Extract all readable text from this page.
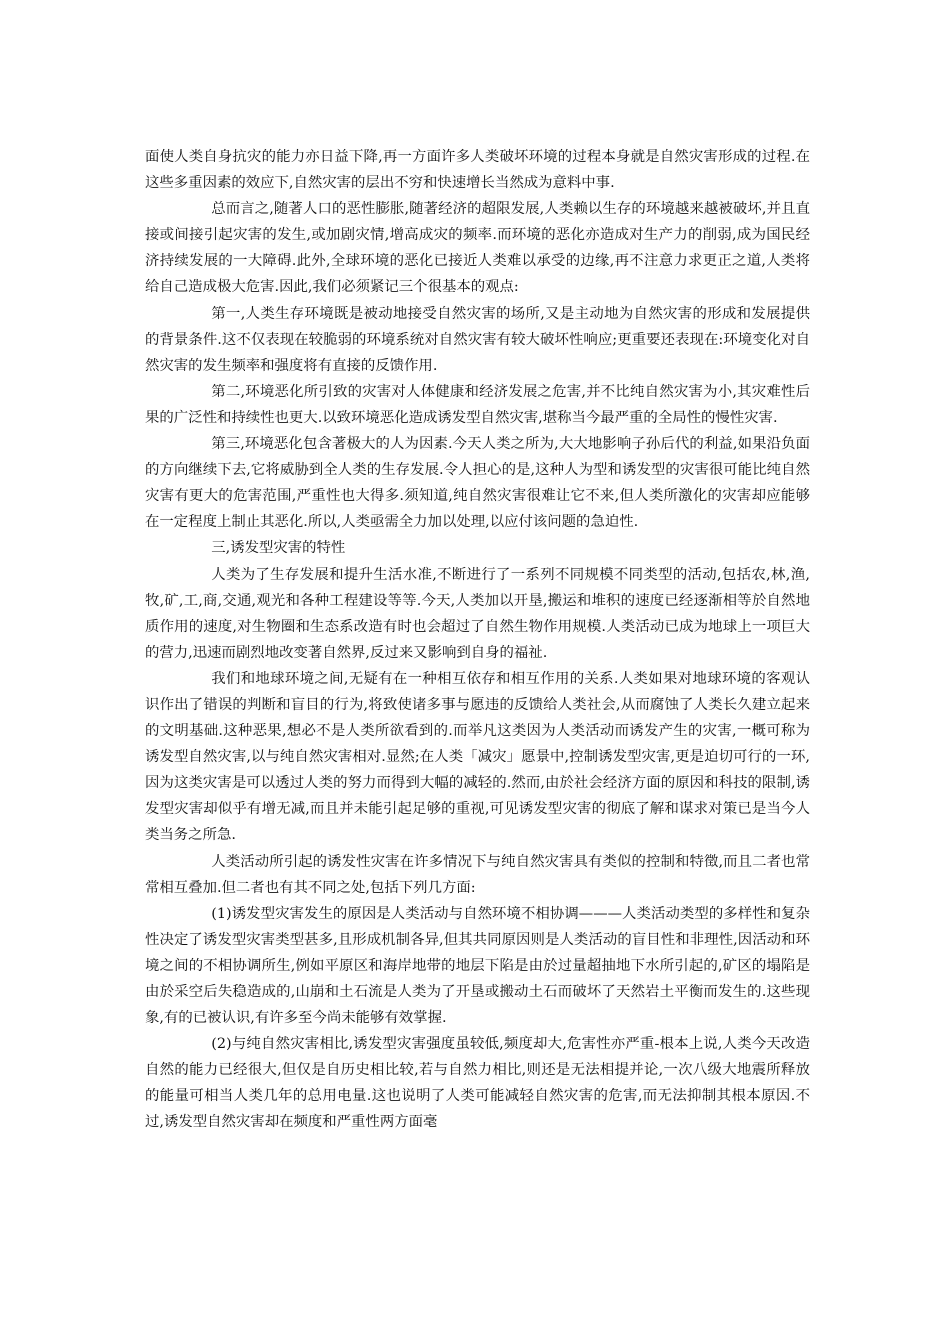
面使人类自身抗灾的能力亦日益下降,再一方面许多人类破坏环境的过程本身就是自然灾害形成的过程.在这些多重因素的效应下,自然灾害的层出不穷和快速增长当然成为意料中事.

总而言之,随著人口的恶性膨胀,随著经济的超限发展,人类赖以生存的环境越来越被破坏,并且直接或间接引起灾害的发生,或加剧灾情,增高成灾的频率.而环境的恶化亦造成对生产力的削弱,成为国民经济持续发展的一大障碍.此外,全球环境的恶化已接近人类难以承受的边缘,再不注意力求更正之道,人类将给自己造成极大危害.因此,我们必须紧记三个很基本的观点:

第一,人类生存环境既是被动地接受自然灾害的场所,又是主动地为自然灾害的形成和发展提供的背景条件.这不仅表现在较脆弱的环境系统对自然灾害有较大破坏性响应;更重要还表现在:环境变化对自然灾害的发生频率和强度将有直接的反馈作用.

第二,环境恶化所引致的灾害对人体健康和经济发展之危害,并不比纯自然灾害为小,其灾难性后果的广泛性和持续性也更大.以致环境恶化造成诱发型自然灾害,堪称当今最严重的全局性的慢性灾害.

第三,环境恶化包含著极大的人为因素.今天人类之所为,大大地影响子孙后代的利益,如果沿负面的方向继续下去,它将威胁到全人类的生存发展.令人担心的是,这种人为型和诱发型的灾害很可能比纯自然灾害有更大的危害范围,严重性也大得多.须知道,纯自然灾害很难让它不来,但人类所激化的灾害却应能够在一定程度上制止其恶化.所以,人类亟需全力加以处理,以应付该问题的急迫性.

三,诱发型灾害的特性

人类为了生存发展和提升生活水准,不断进行了一系列不同规模不同类型的活动,包括农,林,渔,牧,矿,工,商,交通,观光和各种工程建设等等.今天,人类加以开垦,搬运和堆积的速度已经逐渐相等於自然地质作用的速度,对生物圈和生态系改造有时也会超过了自然生物作用规模.人类活动已成为地球上一项巨大的营力,迅速而剧烈地改变著自然界,反过来又影响到自身的福祉.

我们和地球环境之间,无疑有在一种相互依存和相互作用的关系.人类如果对地球环境的客观认识作出了错误的判断和盲目的行为,将致使诸多事与愿违的反馈给人类社会,从而腐蚀了人类长久建立起来的文明基础.这种恶果,想必不是人类所欲看到的.而举凡这类因为人类活动而诱发产生的灾害,一概可称为诱发型自然灾害,以与纯自然灾害相对.显然;在人类「减灾」愿景中,控制诱发型灾害,更是迫切可行的一环,因为这类灾害是可以透过人类的努力而得到大幅的减轻的.然而,由於社会经济方面的原因和科技的限制,诱发型灾害却似乎有增无减,而且并未能引起足够的重视,可见诱发型灾害的彻底了解和谋求对策已是当今人类当务之所急.

人类活动所引起的诱发性灾害在许多情况下与纯自然灾害具有类似的控制和特徵,而且二者也常常相互叠加.但二者也有其不同之处,包括下列几方面:

(1)诱发型灾害发生的原因是人类活动与自然环境不相协调———人类活动类型的多样性和复杂性决定了诱发型灾害类型甚多,且形成机制各异,但其共同原因则是人类活动的盲目性和非理性,因活动和环境之间的不相协调所生,例如平原区和海岸地带的地层下陷是由於过量超抽地下水所引起的,矿区的塌陷是由於采空后失稳造成的,山崩和土石流是人类为了开垦或搬动土石而破坏了天然岩土平衡而发生的.这些现象,有的已被认识,有许多至今尚未能够有效掌握.

(2)与纯自然灾害相比,诱发型灾害强度虽较低,频度却大,危害性亦严重-根本上说,人类今天改造自然的能力已经很大,但仅是自历史相比较,若与自然力相比,则还是无法相提并论,一次八级大地震所释放的能量可相当人类几年的总用电量.这也说明了人类可能减轻自然灾害的危害,而无法抑制其根本原因.不过,诱发型自然灾害却在频度和严重性两方面毫
